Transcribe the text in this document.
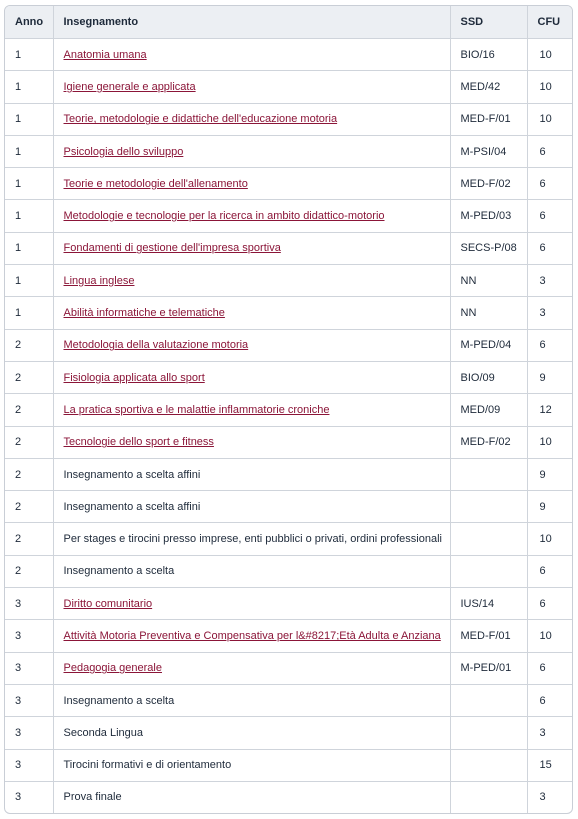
Anno	Insegnamento	SSD	CFU
1	Anatomia umana	BIO/16	10
1	Igiene generale e applicata	MED/42	10
1	Teorie, metodologie e didattiche dell'educazione motoria	MED-F/01	10
1	Psicologia dello sviluppo	M-PSI/04	6
1	Teorie e metodologie dell'allenamento	MED-F/02	6
1	Metodologie e tecnologie per la ricerca in ambito didattico-motorio	M-PED/03	6
1	Fondamenti di gestione dell'impresa sportiva	SECS-P/08	6
1	Lingua inglese	NN	3
1	Abilità informatiche e telematiche	NN	3
2	Metodologia della valutazione motoria	M-PED/04	6
2	Fisiologia applicata allo sport	BIO/09	9
2	La pratica sportiva e le malattie inflammatorie croniche	MED/09	12
2	Tecnologie dello sport e fitness	MED-F/02	10
2	Insegnamento a scelta affini		9
2	Insegnamento a scelta affini		9
2	Per stages e tirocini presso imprese, enti pubblici o privati, ordini professionali		10
2	Insegnamento a scelta		6
3	Diritto comunitario	IUS/14	6
3	Attività Motoria Preventiva e Compensativa per l&#8217;Età Adulta e Anziana	MED-F/01	10
3	Pedagogia generale	M-PED/01	6
3	Insegnamento a scelta		6
3	Seconda Lingua		3
3	Tirocini formativi e di orientamento		15
3	Prova finale		3
